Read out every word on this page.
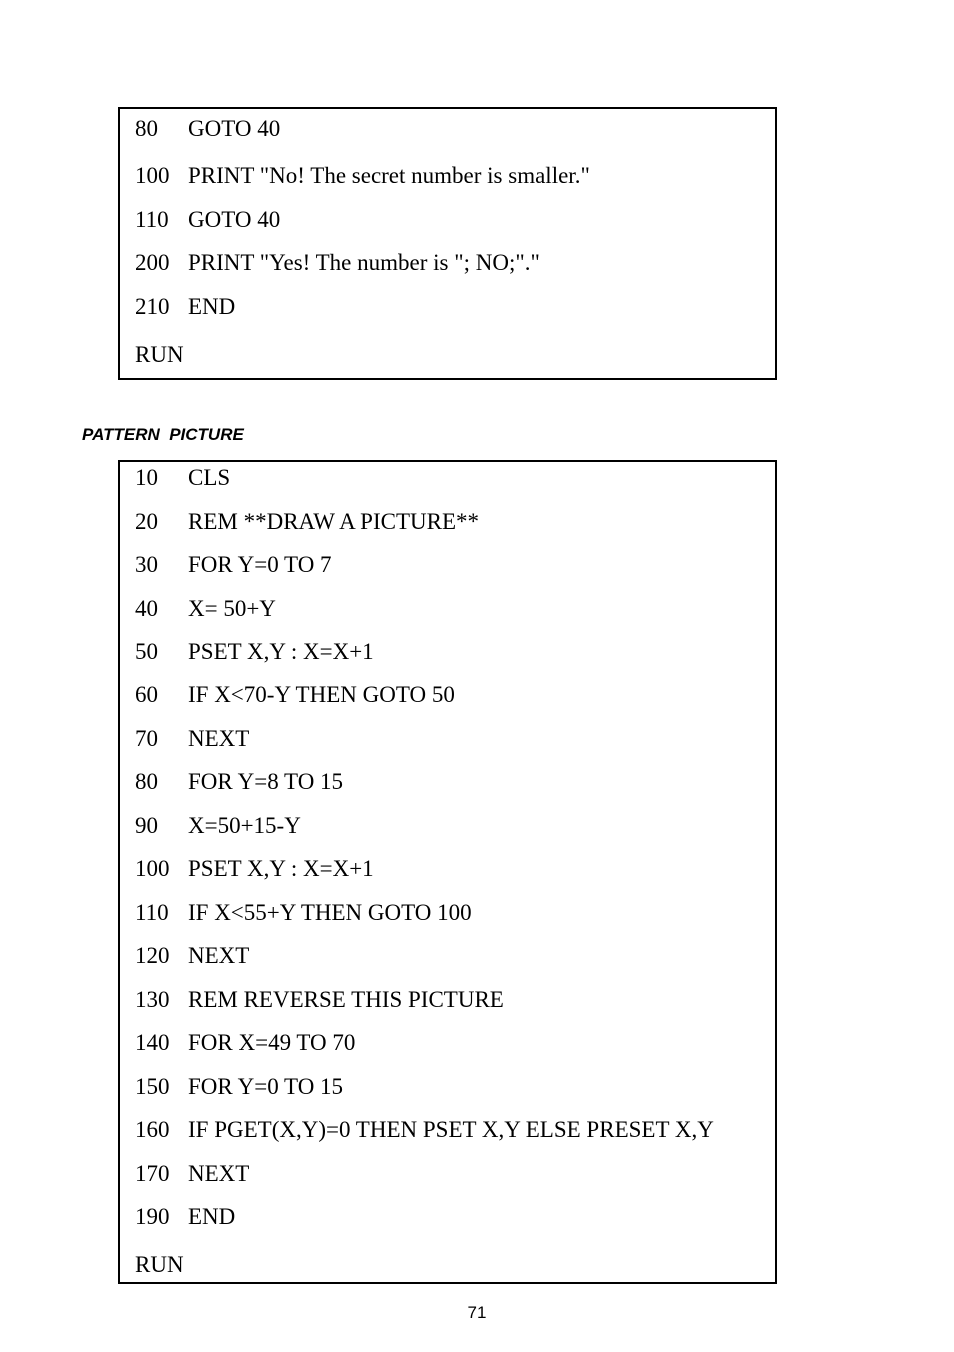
80 GOTO 40
100 PRINT "No! The secret number is smaller."
110 GOTO 40
200 PRINT "Yes! The number is "; NO;"."
210 END
RUN
PATTERN  PICTURE
10 CLS
20 REM **DRAW A PICTURE**
30 FOR Y=0 TO 7
40 X= 50+Y
50 PSET X,Y : X=X+1
60 IF X<70-Y THEN GOTO 50
70 NEXT
80 FOR Y=8 TO 15
90 X=50+15-Y
100 PSET X,Y : X=X+1
110 IF X<55+Y THEN GOTO 100
120 NEXT
130 REM REVERSE THIS PICTURE
140 FOR X=49 TO 70
150 FOR Y=0 TO 15
160 IF PGET(X,Y)=0 THEN PSET X,Y ELSE PRESET X,Y
170 NEXT
190 END
RUN
71
